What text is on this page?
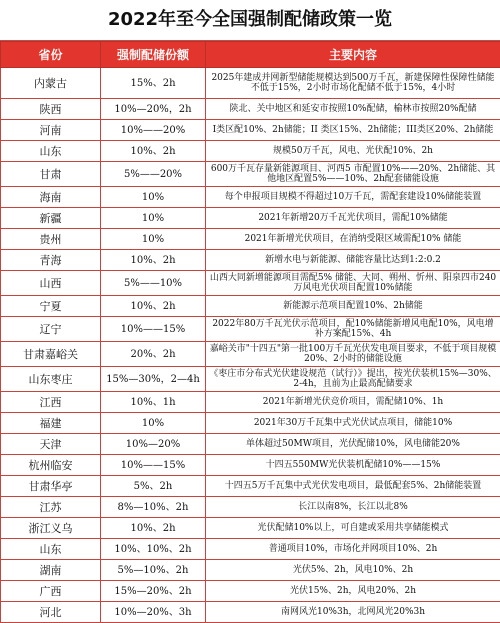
2022年至今全国强制配储政策一览
省份	强制配储份额	主要内容
内蒙古	15%、2h	2025年建成并网新型储能规模达到500万千瓦，新建保障性保障性储能不低于15%，2小时市场化配储不低于15%，4小时
陕西	10%—20%，2h	陕北、关中地区和延安市按照10%配储，榆林市按照20%配储
河南	10%——20%	I类区配10%、2h储能；II 类区15%、2h储能；III类区20%、2h储能
山东	10%、2h	规模50万千瓦，风电、光伏配10%、2h
甘肃	5%——20%	600万千瓦存量新能源项目、河西5 市配置10%——20%、2h储能、其他地区配置5%——10%、2h配套储能设施
海南	10%	每个申报项目规模不得超过10万千瓦，需配套建设10%储能装置
新疆	10%	2021年新增20万千瓦光伏项目，需配10%储能
贵州	10%	2021年新增光伏项目，在消纳受限区域需配10% 储能
青海	10%、2h	新增水电与新能源、储能容量比达到1:2:0.2
山西	5%——10%	山西大同新增能源项目需配5% 储能、大同、朔州、忻州、阳泉四市240万风电光伏项目配置10%储能
宁夏	10%、2h	新能源示范项目配置10%、2h储能
辽宁	10%——15%	2022年80万千瓦光伏示范项目，配10%储能新增风电配10%，风电增补方案配15%、4h
甘肃嘉峪关	20%、2h	嘉峪关市"十四五"第一批100万千瓦光伏发电项目要求，不低于项目规模20%、2小时的储能设施
山东枣庄	15%—30%，2—4h	《枣庄市分布式光伏建设规范（试行）》提出，按光伏装机15%—30%、2-4h，且前为止最高配储要求
江西	10%、1h	2021年新增光伏竞价项目，需配储10%、1h
福建	10%	2021年30万千瓦集中式光伏试点项目，储能10%
天津	10%—20%	单体超过50MW项目，光伏配储10%，风电储能20%
杭州临安	10%——15%	十四五550MW光伏装机配储10%——15%
甘肃华亭	5%、2h	十四五5万千瓦集中式光伏发电项目，最低配套5%、2h储能装置
江苏	8%—10%、2h	长江以南8%，长江以北8%
浙江义乌	10%、2h	光伏配储10%以上，可自建或采用共享储能模式
山东	10%、10%、2h	普通项目10%，市场化并网项目10%、2h
湖南	5%—10%、2h	光伏5%、2h，风电10%、2h
广西	15%—20%、2h	光伏15%、2h，风电20%、2h
河北	10%—20%、3h	南网风光10%3h，北网风光20%3h
